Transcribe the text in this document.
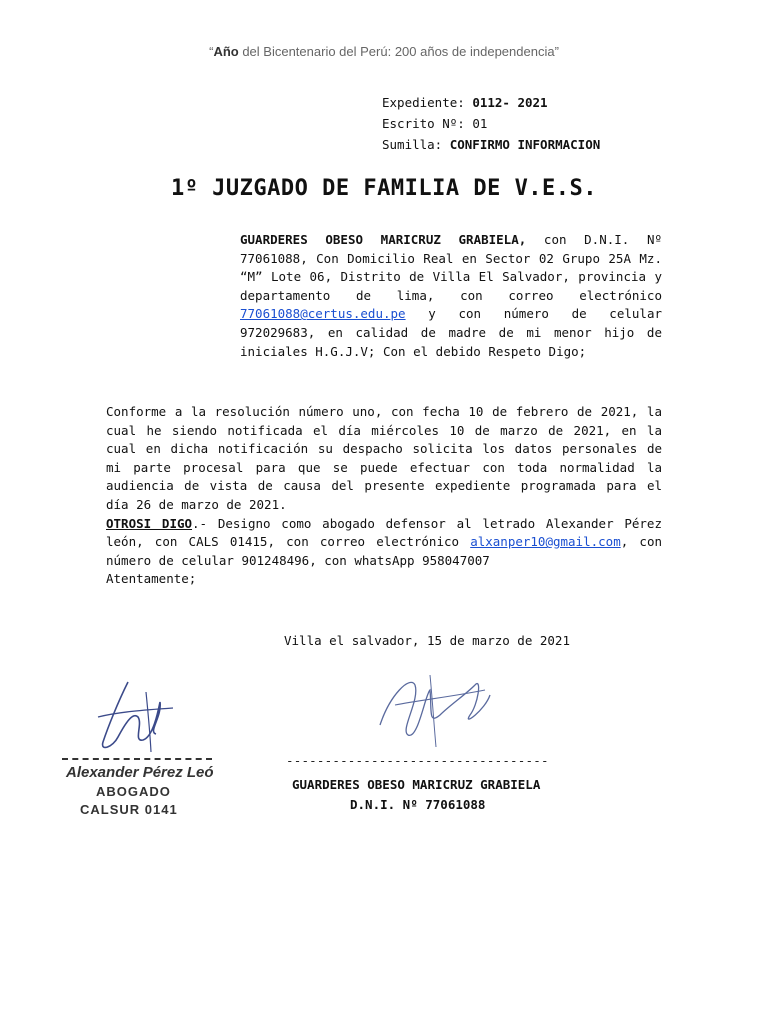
“Año del Bicentenario del Perú: 200 años de independencia”
Expediente: 0112- 2021
Escrito Nº: 01
Sumilla: CONFIRMO INFORMACION
1º JUZGADO DE FAMILIA DE V.E.S.
GUARDERES OBESO MARICRUZ GRABIELA, con D.N.I. Nº 77061088, Con Domicilio Real en Sector 02 Grupo 25A Mz. “M” Lote 06, Distrito de Villa El Salvador, provincia y departamento de lima, con correo electrónico 77061088@certus.edu.pe y con número de celular 972029683, en calidad de madre de mi menor hijo de iniciales H.G.J.V; Con el debido Respeto Digo;
Conforme a la resolución número uno, con fecha 10 de febrero de 2021, la cual he siendo notificada el día miércoles 10 de marzo de 2021, en la cual en dicha notificación su despacho solicita los datos personales de mi parte procesal para que se puede efectuar con toda normalidad la audiencia de vista de causa del presente expediente programada para el día 26 de marzo de 2021.
OTROSI DIGO.- Designo como abogado defensor al letrado Alexander Pérez león, con CALS 01415, con correo electrónico alxanper10@gmail.com, con número de celular 901248496, con whatsApp 958047007
Atentamente;
Villa el salvador, 15 de marzo de 2021
----------------------------------
GUARDERES OBESO MARICRUZ GRABIELA
D.N.I. Nº 77061088
Alexander Pérez Leó
ABOGADO
CALSUR 0141
